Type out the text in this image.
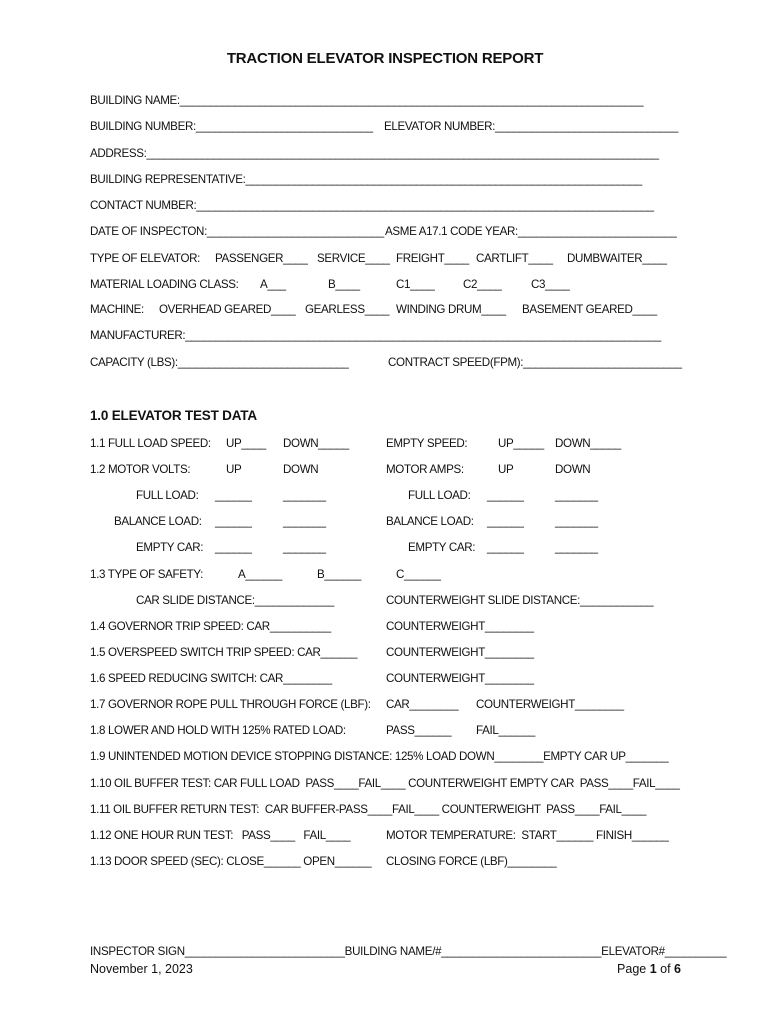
TRACTION ELEVATOR INSPECTION REPORT
BUILDING NAME:____________________________________________________________________________
BUILDING NUMBER:_____________________________ ELEVATOR NUMBER:______________________________
ADDRESS:____________________________________________________________________________________
BUILDING REPRESENTATIVE:_________________________________________________________________
CONTACT NUMBER:___________________________________________________________________________
DATE OF INSPECTON:_____________________________ ASME A17.1 CODE YEAR:__________________________
TYPE OF ELEVATOR: PASSENGER____ SERVICE____ FREIGHT____ CARTLIFT____ DUMBWAITER____
MATERIAL LOADING CLASS: A___	B____	C1____ C2____	C3____
MACHINE: OVERHEAD GEARED____ GEARLESS____ WINDING DRUM____ BASEMENT GEARED____
MANUFACTURER:______________________________________________________________________________
CAPACITY (LBS):____________________________	CONTRACT SPEED(FPM):__________________________
1.0 ELEVATOR TEST DATA
1.1 FULL LOAD SPEED: UP____ DOWN_____	EMPTY SPEED:	UP_____ DOWN_____
1.2 MOTOR VOLTS:	UP	DOWN	MOTOR AMPS:	UP	DOWN
FULL LOAD: ______	_______	FULL LOAD: ______	_______
BALANCE LOAD: ______	_______	BALANCE LOAD: ______	_______
EMPTY CAR: ______	_______	EMPTY CAR: ______	_______
1.3 TYPE OF SAFETY:	A______	B______	C______
CAR SLIDE DISTANCE:_____________	COUNTERWEIGHT SLIDE DISTANCE:____________
1.4 GOVERNOR TRIP SPEED: CAR__________	COUNTERWEIGHT________
1.5 OVERSPEED SWITCH TRIP SPEED: CAR______ COUNTERWEIGHT________
1.6 SPEED REDUCING SWITCH: CAR________	COUNTERWEIGHT________
1.7 GOVERNOR ROPE PULL THROUGH FORCE (LBF): CAR________ COUNTERWEIGHT________
1.8 LOWER AND HOLD WITH 125% RATED LOAD:	PASS______ FAIL______
1.9 UNINTENDED MOTION DEVICE STOPPING DISTANCE: 125% LOAD DOWN________EMPTY CAR UP_______
1.10 OIL BUFFER TEST: CAR FULL LOAD  PASS____FAIL____ COUNTERWEIGHT EMPTY CAR  PASS____FAIL____
1.11 OIL BUFFER RETURN TEST:  CAR BUFFER-PASS____FAIL____ COUNTERWEIGHT  PASS____FAIL____
1.12 ONE HOUR RUN TEST:   PASS____   FAIL____	MOTOR TEMPERATURE:  START______ FINISH______
1.13 DOOR SPEED (SEC): CLOSE______ OPEN______ CLOSING FORCE (LBF)________
INSPECTOR SIGN__________________________BUILDING NAME/#__________________________ELEVATOR#__________
November 1, 2023	Page 1 of 6
